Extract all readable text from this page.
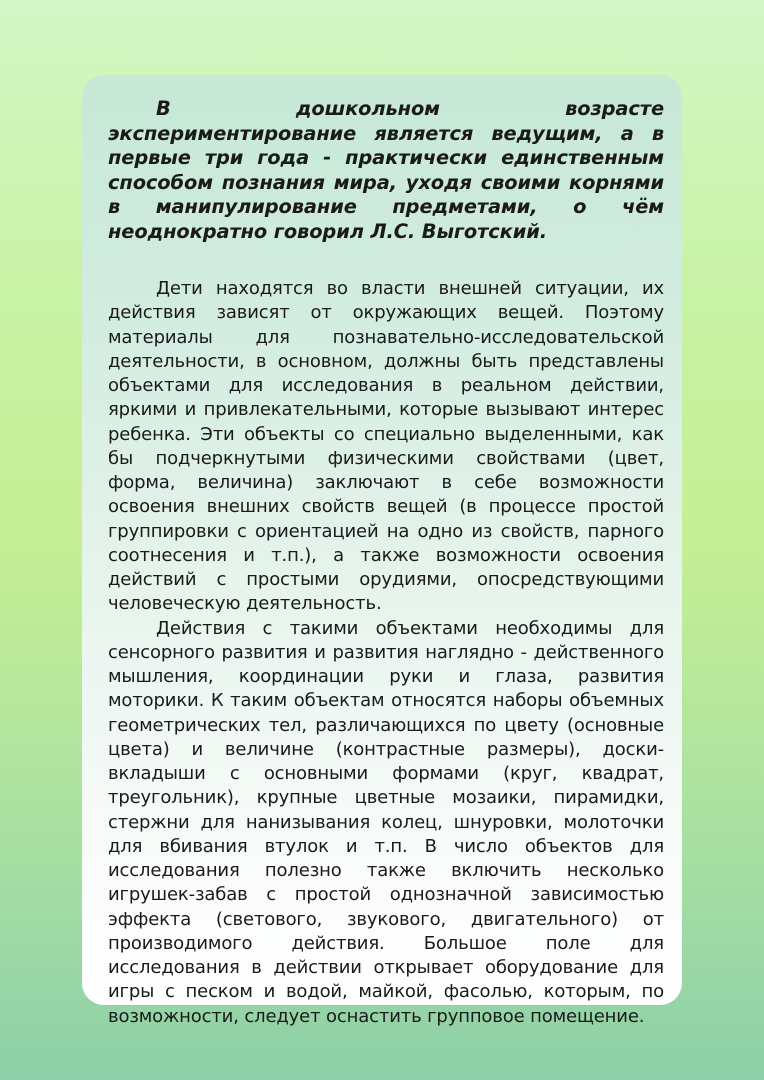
В дошкольном возрасте экспериментирование является ведущим, а в первые три года - практически единственным способом познания мира, уходя своими корнями в манипулирование предметами, о чём неоднократно говорил Л.С. Выготский.

Дети находятся во власти внешней ситуации, их действия зависят от окружающих вещей. Поэтому материалы для познавательно-исследовательской деятельности, в основном, должны быть представлены объектами для исследования в реальном действии, яркими и привлекательными, которые вызывают интерес ребенка. Эти объекты со специально выделенными, как бы подчеркнутыми физическими свойствами (цвет, форма, величина) заключают в себе возможности освоения внешних свойств вещей (в процессе простой группировки с ориентацией на одно из свойств, парного соотнесения и т.п.), а также возможности освоения действий с простыми орудиями, опосредствующими человеческую деятельность.

Действия с такими объектами необходимы для сенсорного развития и развития наглядно - действенного мышления, координации руки и глаза, развития моторики. К таким объектам относятся наборы объемных геометрических тел, различающихся по цвету (основные цвета) и величине (контрастные размеры), доски- вкладыши с основными формами (круг, квадрат, треугольник), крупные цветные мозаики, пирамидки, стержни для нанизывания колец, шнуровки, молоточки для вбивания втулок и т.п. В число объектов для исследования полезно также включить несколько игрушек-забав с простой однозначной зависимостью эффекта (светового, звукового, двигательного) от производимого действия. Большое поле для исследования в действии открывает оборудование для игры с песком и водой, майкой, фасолью, которым, по возможности, следует оснастить групповое помещение.
